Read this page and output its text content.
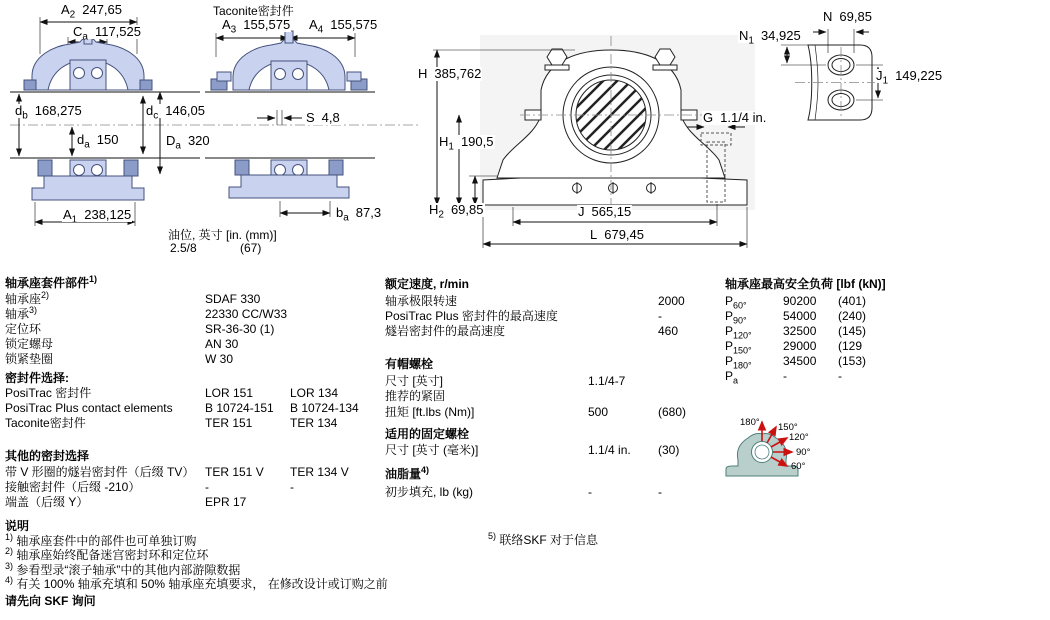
$A_2$ 247,65
$C_a$ 117,525
$d_b$ 168,275
$d_a$ 150
$d_c$ 146,05
$D_a$ 320
$A_1$ 238,125
Taconite密封件
$A_3$ 155,575 $A_4$ 155,575
S 4,8
$b_a$ 87,3
油位, 英寸 [in. (mm)]
2.5/8	(67)
H 385,762
$H_1$ 190,5
$H_2$ 69,85
G 1.1/4 in.
J 565,15
L 679,45
N 69,85
$N_1$ 34,925
$J_1$ 149,225
轴承座套件部件$^{1)}$
轴承座$^{2)}$	SDAF 330
轴承$^{3)}$	22330 CC/W33
定位环	SR-36-30 (1)
锁定螺母	AN 30
锁紧垫圈	W 30
密封件选择:
PosiTrac 密封件	LOR 151	LOR 134
PosiTrac Plus contact elements	B 10724-151 B 10724-134
Taconite密封件	TER 151	TER 134
其他的密封选择
带 V 形圈的燧岩密封件（后缀 TV） TER 151 V TER 134 V
接触密封件（后缀 -210）	-	-
端盖（后缀 Y）	EPR 17
说明
$^{1)}$ 轴承座套件中的部件也可单独订购
$^{2)}$ 轴承座始终配备迷宫密封环和定位环
$^{3)}$ 参看型录“滚子轴承”中的其他内部游隙数据
$^{4)}$ 有关 100% 轴承充填和 50% 轴承座充填要求， 在修改设计或订购之前
请先向 SKF 询问
额定速度, r/min
轴承极限转速	2000
PosiTrac Plus 密封件的最高速度	-
燧岩密封件的最高速度	460
有帽螺栓
尺寸 [英寸]	1.1/4-7
推荐的紧固
扭矩 [ft.lbs (Nm)]	500	(680)
适用的固定螺栓
尺寸 [英寸 (毫米)]	1.1/4 in. (30)
油脂量$^{4)}$
初步填充, lb (kg)	-	-
$^{5)}$ 联络SKF 对于信息
轴承座最高安全负荷 [lbf (kN)]
$P_{60^\circ}$	90200 (401)
$P_{90^\circ}$	54000 (240)
$P_{120^\circ}$	32500 (145)
$P_{150^\circ}$	29000 (129
$P_{180^\circ}$	34500 (153)
$P_a$	-	-
180° 150°
120°
90°
60°
